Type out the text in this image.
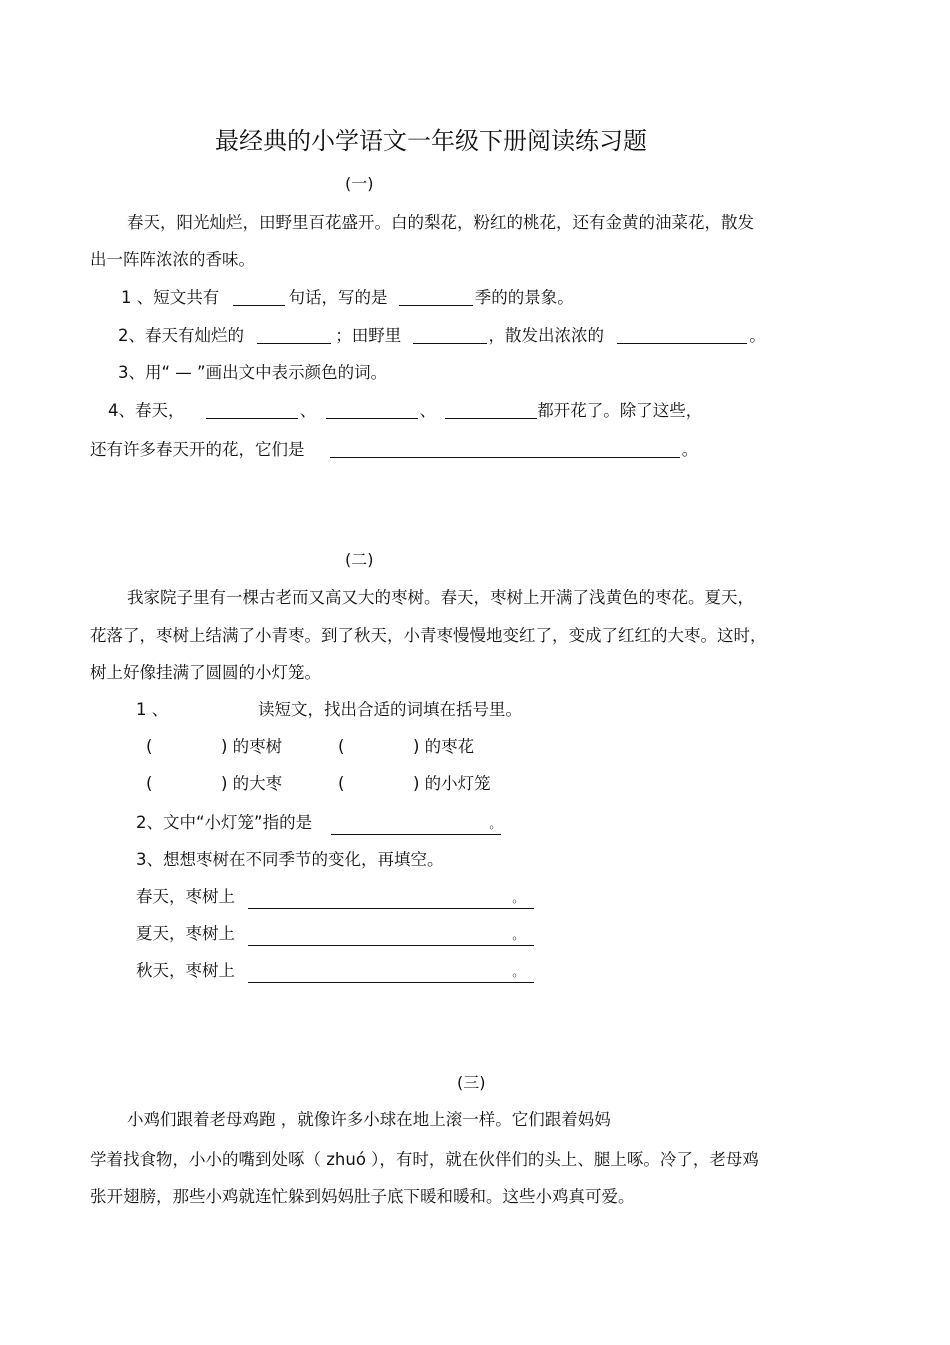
最经典的小学语文一年级下册阅读练习题
(一)
春天，阳光灿烂，田野里百花盛开。白的梨花，粉红的桃花，还有金黄的油菜花，散发
出一阵阵浓浓的香味。
1 、短文共有	句话，写的是	季的的景象。
2、春天有灿烂的	；田野里	，散发出浓浓的	。
3、用“ — ”画出文中表示颜色的词。
4、春天，	、	、	都开花了。除了这些，
还有许多春天开的花，它们是	。
(二)
我家院子里有一棵古老而又高又大的枣树。春天，枣树上开满了浅黄色的枣花。夏天，
花落了，枣树上结满了小青枣。到了秋天，小青枣慢慢地变红了，变成了红红的大枣。这时，
树上好像挂满了圆圆的小灯笼。
1 、	读短文，找出合适的词填在括号里。
(	) 的枣树	(	) 的枣花
(	) 的大枣	(	) 的小灯笼
2、文中“小灯笼”指的是	。
3、想想枣树在不同季节的变化，再填空。
春天，枣树上	。
夏天，枣树上	。
秋天，枣树上	。
(三)
小鸡们跟着老母鸡跑 ，就像许多小球在地上滚一样。它们跟着妈妈
学着找食物，小小的嘴到处啄（ zhuó ），有时，就在伙伴们的头上、腿上啄。冷了，老母鸡
张开翅膀，那些小鸡就连忙躲到妈妈肚子底下暖和暖和。这些小鸡真可爱。
